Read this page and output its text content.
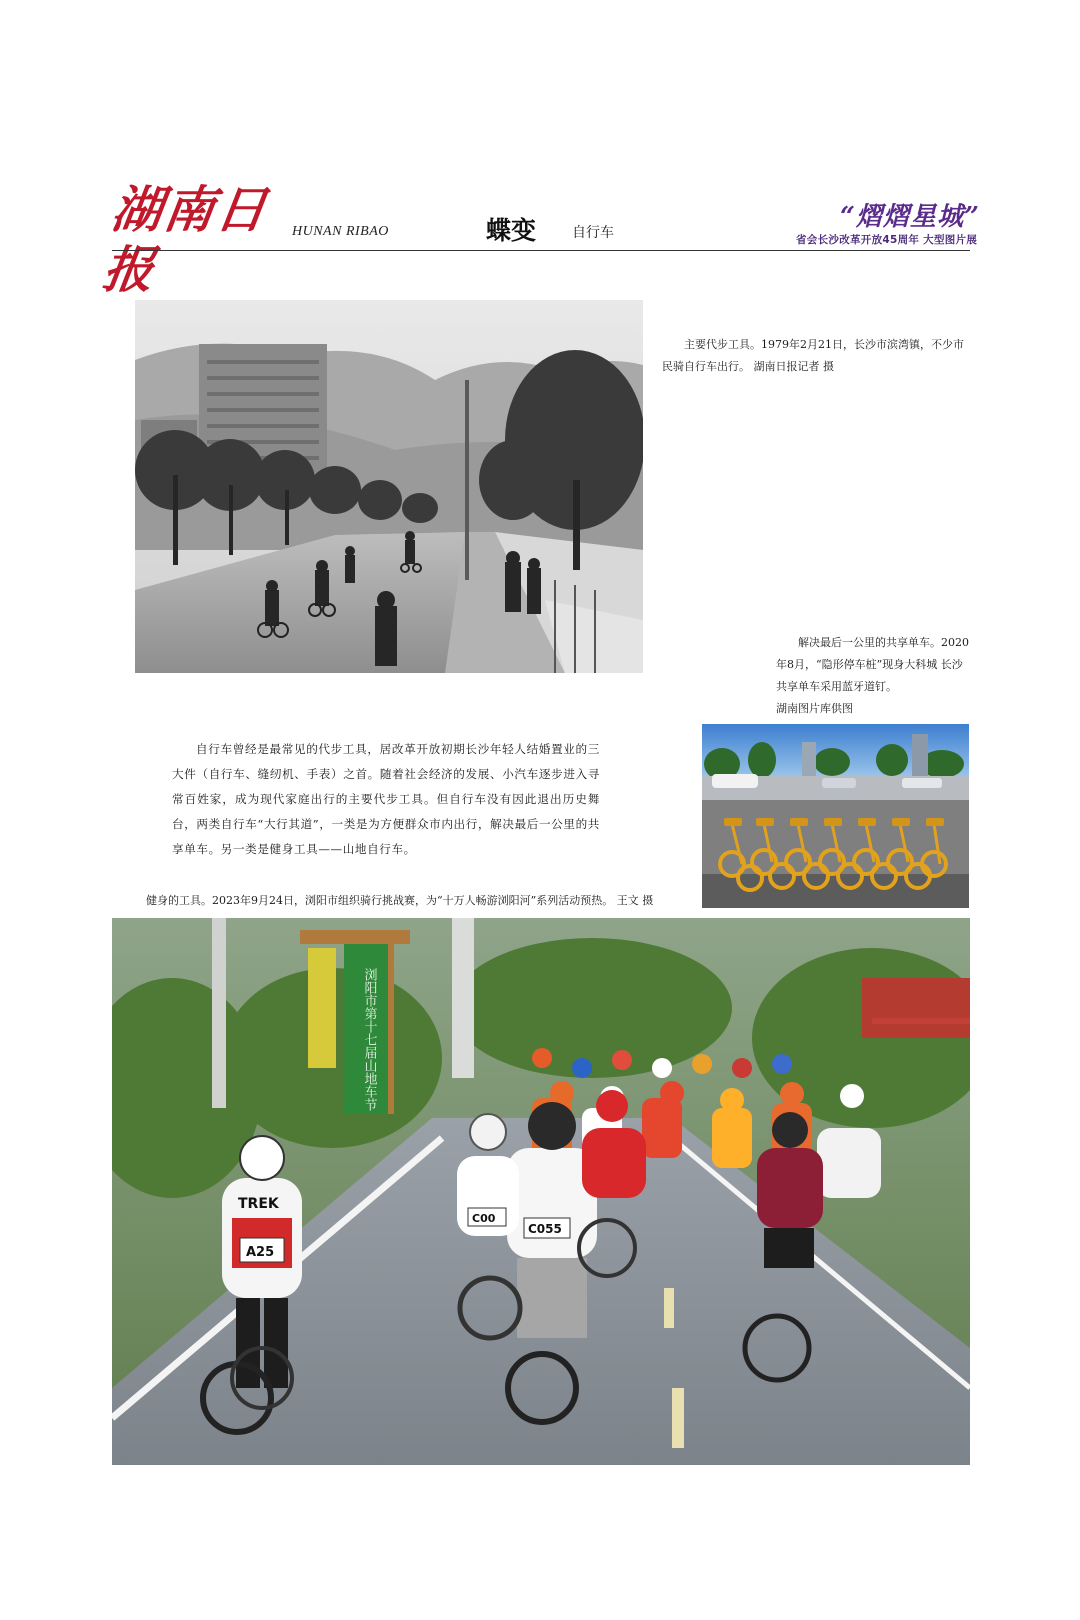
湖南日报
HUNAN RIBAO	蝶变	自行车
“熠熠星城”
省会长沙改革开放45周年 大型图片展
主要代步工具。1979年2月21日，长沙市滨湾镇，不少市民骑自行车出行。 湖南日报记者 摄
解决最后一公里的共享单车。2020年8月，“隐形停车桩”现身大科城 长沙共享单车采用蓝牙道钉。
湖南图片库供图
自行车曾经是最常见的代步工具，居改革开放初期长沙年轻人结婚置业的三大件（自行车、缝纫机、手表）之首。随着社会经济的发展、小汽车逐步进入寻常百姓家，成为现代家庭出行的主要代步工具。但自行车没有因此退出历史舞台，两类自行车“大行其道”，一类是为方便群众市内出行，解决最后一公里的共享单车。另一类是健身工具——山地自行车。
健身的工具。2023年9月24日，浏阳市组织骑行挑战赛，为“十万人畅游浏阳河”系列活动预热。 王文 摄
浏阳市第十七届山地车节
TREK
A25
C055
C00
